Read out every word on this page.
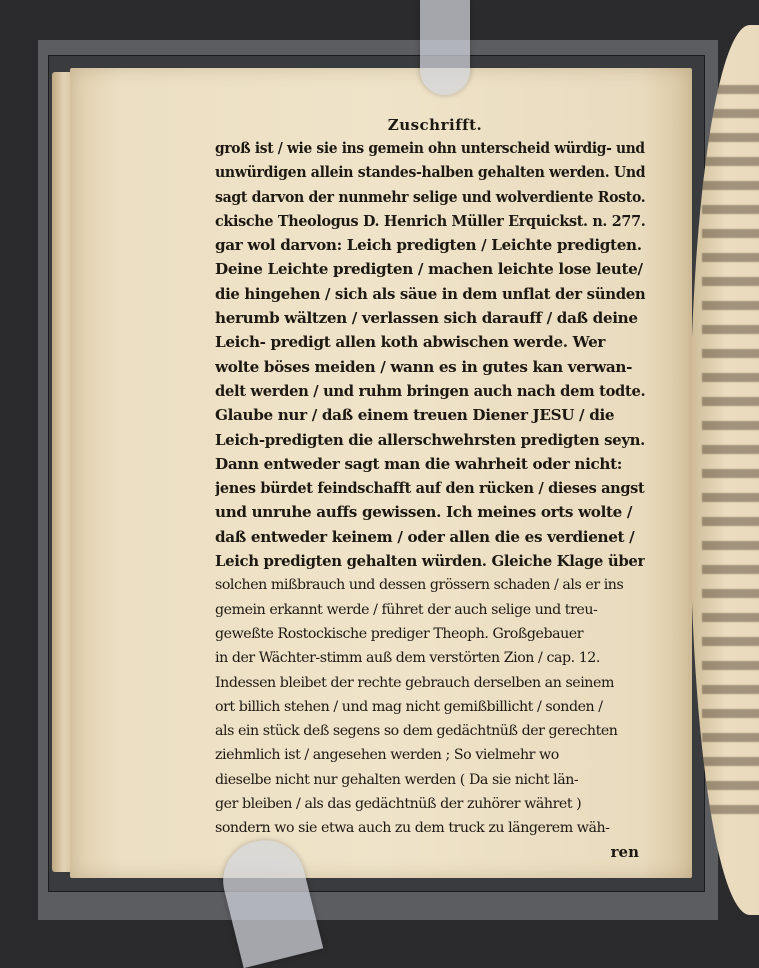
Zuschrifft.
groß ist / wie sie ins gemein ohn unterscheid würdig- und
unwürdigen allein standes-halben gehalten werden. Und
sagt darvon der nunmehr selige und wolverdiente Rosto.
ckische Theologus D. Henrich Müller Erquickst. n. 277.
gar wol darvon: Leich predigten / Leichte predigten.
Deine Leichte predigten / machen leichte lose leute/
die hingehen / sich als säue in dem unflat der sünden
herumb wältzen / verlassen sich darauff / daß deine
Leich- predigt allen koth abwischen werde. Wer
wolte böses meiden / wann es in gutes kan verwan-
delt werden / und ruhm bringen auch nach dem todte.
Glaube nur / daß einem treuen Diener JESU / die
Leich-predigten die allerschwehrsten predigten seyn.
Dann entweder sagt man die wahrheit oder nicht:
jenes bürdet feindschafft auf den rücken / dieses angst
und unruhe auffs gewissen. Ich meines orts wolte /
daß entweder keinem / oder allen die es verdienet /
Leich predigten gehalten würden. Gleiche Klage über
solchen mißbrauch und dessen grössern schaden / als er ins
gemein erkannt werde / führet der auch selige und treu-
geweßte Rostockische prediger Theoph. Großgebauer
in der Wächter-stimm auß dem verstörten Zion / cap. 12.
Indessen bleibet der rechte gebrauch derselben an seinem
ort billich stehen / und mag nicht gemißbillicht / sonden /
als ein stück deß segens so dem gedächtnüß der gerechten
ziehmlich ist / angesehen werden ; So vielmehr wo
dieselbe nicht nur gehalten werden ( Da sie nicht län-
ger bleiben / als das gedächtnüß der zuhörer währet )
sondern wo sie etwa auch zu dem truck zu längerem wäh-
ren
